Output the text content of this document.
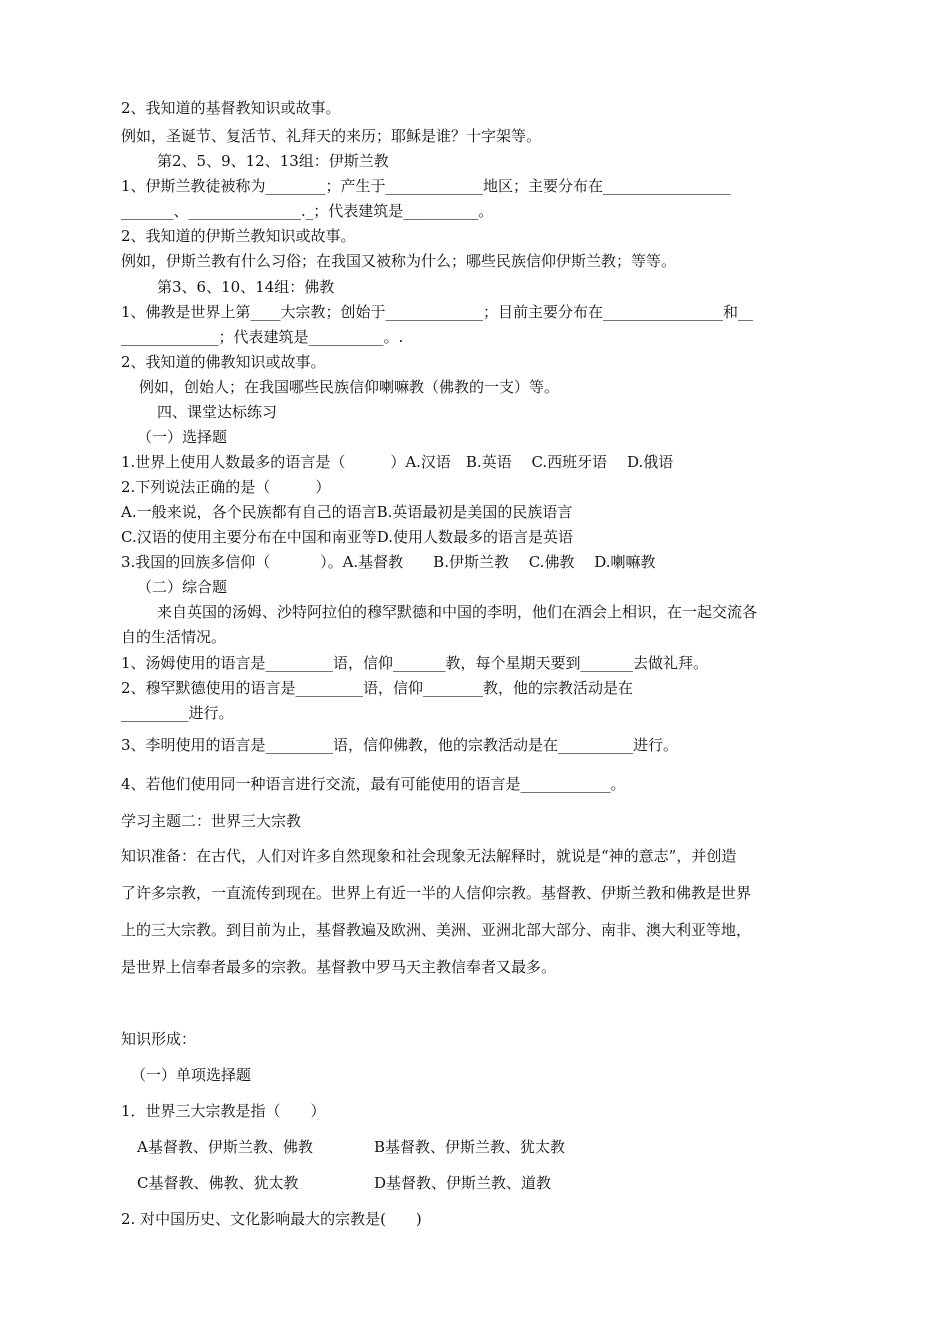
2、我知道的基督教知识或故事。
例如，圣诞节、复活节、礼拜天的来历；耶稣是谁？十字架等。
第2、5、9、12、13组：伊斯兰教
1、伊斯兰教徒被称为________；产生于_____________地区；主要分布在_________________
_______、_______________._；代表建筑是__________。
2、我知道的伊斯兰教知识或故事。
例如，伊斯兰教有什么习俗；在我国又被称为什么；哪些民族信仰伊斯兰教；等等。
第3、6、10、14组：佛教
1、佛教是世界上第____大宗教；创始于_____________；目前主要分布在________________和__
_____________；代表建筑是__________。.
2、我知道的佛教知识或故事。
例如，创始人；在我国哪些民族信仰喇嘛教（佛教的一支）等。
四、课堂达标练习
（一）选择题
1.世界上使用人数最多的语言是（　　　）A.汉语　B.英语　 C.西班牙语　 D.俄语
2.下列说法正确的是（　　　）
A.一般来说，各个民族都有自己的语言B.英语最初是美国的民族语言
C.汉语的使用主要分布在中国和南亚等D.使用人数最多的语言是英语
3.我国的回族多信仰（　　　 ）。A.基督教　　B.伊斯兰教　 C.佛教　 D.喇嘛教
（二）综合题
来自英国的汤姆、沙特阿拉伯的穆罕默德和中国的李明，他们在酒会上相识，在一起交流各
自的生活情况。
1、汤姆使用的语言是_________语，信仰_______教，每个星期天要到_______去做礼拜。
2、穆罕默德使用的语言是_________语，信仰________教，他的宗教活动是在
_________进行。
3、李明使用的语言是_________语，信仰佛教，他的宗教活动是在__________进行。
4、若他们使用同一种语言进行交流，最有可能使用的语言是____________。
学习主题二：世界三大宗教
知识准备：在古代，人们对许多自然现象和社会现象无法解释时，就说是“神的意志”，并创造
了许多宗教，一直流传到现在。世界上有近一半的人信仰宗教。基督教、伊斯兰教和佛教是世界
上的三大宗教。到目前为止，基督教遍及欧洲、美洲、亚洲北部大部分、南非、澳大利亚等地，
是世界上信奉者最多的宗教。基督教中罗马天主教信奉者又最多。
知识形成：
（一）单项选择题
1．世界三大宗教是指（　　）
A基督教、伊斯兰教、佛教	B基督教、伊斯兰教、犹太教
C基督教、佛教、犹太教	D基督教、伊斯兰教、道教
2. 对中国历史、文化影响最大的宗教是(　　)
